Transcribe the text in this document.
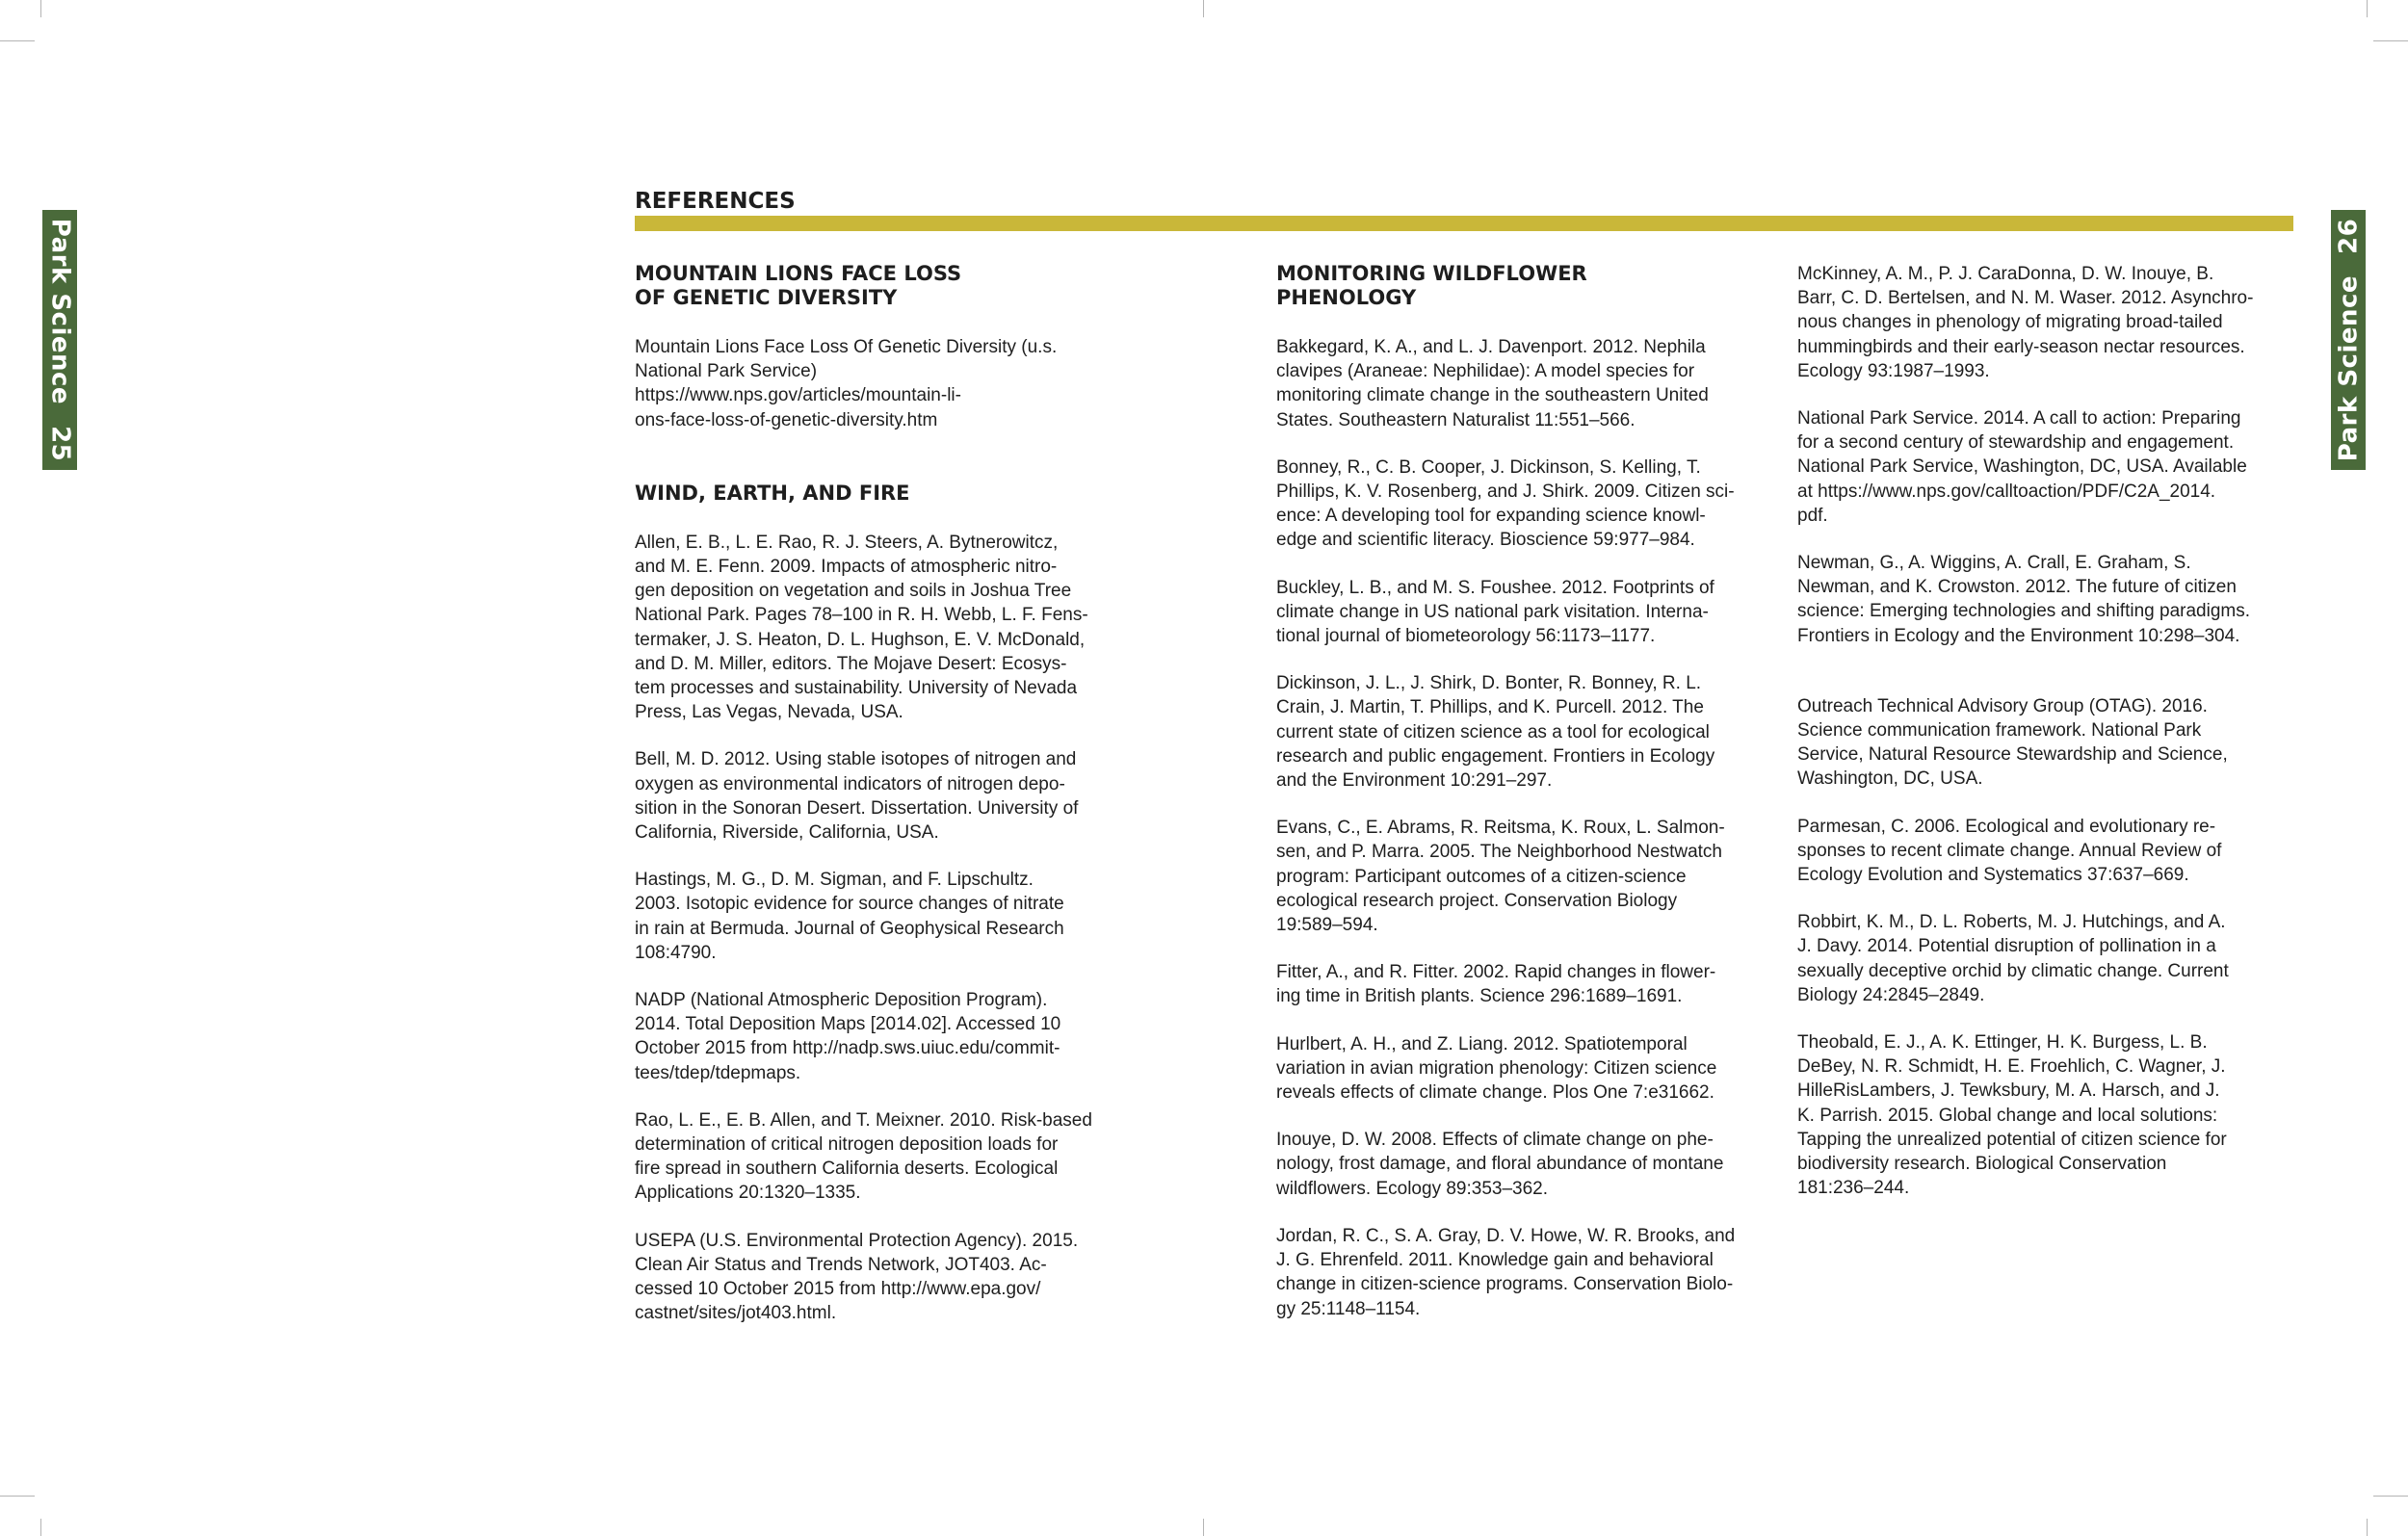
Park Science25	Park Science26
REFERENCES
MOUNTAIN LIONS FACE LOSS
OF GENETIC DIVERSITY

Mountain Lions Face Loss Of Genetic Diversity (u.s.
National Park Service)
https://www.nps.gov/articles/mountain-li-
ons-face-loss-of-genetic-diversity.htm

WIND, EARTH, AND FIRE

Allen, E. B., L. E. Rao, R. J. Steers, A. Bytnerowitcz,
and M. E. Fenn. 2009. Impacts of atmospheric nitro-
gen deposition on vegetation and soils in Joshua Tree
National Park. Pages 78–100 in R. H. Webb, L. F. Fens-
termaker, J. S. Heaton, D. L. Hughson, E. V. McDonald,
and D. M. Miller, editors. The Mojave Desert: Ecosys-
tem processes and sustainability. University of Nevada
Press, Las Vegas, Nevada, USA.

Bell, M. D. 2012. Using stable isotopes of nitrogen and
oxygen as environmental indicators of nitrogen depo-
sition in the Sonoran Desert. Dissertation. University of
California, Riverside, California, USA.

Hastings, M. G., D. M. Sigman, and F. Lipschultz.
2003. Isotopic evidence for source changes of nitrate
in rain at Bermuda. Journal of Geophysical Research
108:4790.

NADP (National Atmospheric Deposition Program).
2014. Total Deposition Maps [2014.02]. Accessed 10
October 2015 from http://nadp.sws.uiuc.edu/commit-
tees/tdep/tdepmaps.

Rao, L. E., E. B. Allen, and T. Meixner. 2010. Risk-based
determination of critical nitrogen deposition loads for
fire spread in southern California deserts. Ecological
Applications 20:1320–1335.

USEPA (U.S. Environmental Protection Agency). 2015.
Clean Air Status and Trends Network, JOT403. Ac-
cessed 10 October 2015 from http://www.epa.gov/
castnet/sites/jot403.html.

MONITORING WILDFLOWER
PHENOLOGY

Bakkegard, K. A., and L. J. Davenport. 2012. Nephila
clavipes (Araneae: Nephilidae): A model species for
monitoring climate change in the southeastern United
States. Southeastern Naturalist 11:551–566.

Bonney, R., C. B. Cooper, J. Dickinson, S. Kelling, T.
Phillips, K. V. Rosenberg, and J. Shirk. 2009. Citizen sci-
ence: A developing tool for expanding science knowl-
edge and scientific literacy. Bioscience 59:977–984.

Buckley, L. B., and M. S. Foushee. 2012. Footprints of
climate change in US national park visitation. Interna-
tional journal of biometeorology 56:1173–1177.

Dickinson, J. L., J. Shirk, D. Bonter, R. Bonney, R. L.
Crain, J. Martin, T. Phillips, and K. Purcell. 2012. The
current state of citizen science as a tool for ecological
research and public engagement. Frontiers in Ecology
and the Environment 10:291–297.

Evans, C., E. Abrams, R. Reitsma, K. Roux, L. Salmon-
sen, and P. Marra. 2005. The Neighborhood Nestwatch
program: Participant outcomes of a citizen-science
ecological research project. Conservation Biology
19:589–594.

Fitter, A., and R. Fitter. 2002. Rapid changes in flower-
ing time in British plants. Science 296:1689–1691.

Hurlbert, A. H., and Z. Liang. 2012. Spatiotemporal
variation in avian migration phenology: Citizen science
reveals effects of climate change. Plos One 7:e31662.

Inouye, D. W. 2008. Effects of climate change on phe-
nology, frost damage, and floral abundance of montane
wildflowers. Ecology 89:353–362.

Jordan, R. C., S. A. Gray, D. V. Howe, W. R. Brooks, and
J. G. Ehrenfeld. 2011. Knowledge gain and behavioral
change in citizen-science programs. Conservation Biolo-
gy 25:1148–1154.

McKinney, A. M., P. J. CaraDonna, D. W. Inouye, B.
Barr, C. D. Bertelsen, and N. M. Waser. 2012. Asynchro-
nous changes in phenology of migrating broad-tailed
hummingbirds and their early-season nectar resources.
Ecology 93:1987–1993.

National Park Service. 2014. A call to action: Preparing
for a second century of stewardship and engagement.
National Park Service, Washington, DC, USA. Available
at https://www.nps.gov/calltoaction/PDF/C2A_2014.
pdf.

Newman, G., A. Wiggins, A. Crall, E. Graham, S.
Newman, and K. Crowston. 2012. The future of citizen
science: Emerging technologies and shifting paradigms.
Frontiers in Ecology and the Environment 10:298–304.

Outreach Technical Advisory Group (OTAG). 2016.
Science communication framework. National Park
Service, Natural Resource Stewardship and Science,
Washington, DC, USA.

Parmesan, C. 2006. Ecological and evolutionary re-
sponses to recent climate change. Annual Review of
Ecology Evolution and Systematics 37:637–669.

Robbirt, K. M., D. L. Roberts, M. J. Hutchings, and A.
J. Davy. 2014. Potential disruption of pollination in a
sexually deceptive orchid by climatic change. Current
Biology 24:2845–2849.

Theobald, E. J., A. K. Ettinger, H. K. Burgess, L. B.
DeBey, N. R. Schmidt, H. E. Froehlich, C. Wagner, J.
HilleRisLambers, J. Tewksbury, M. A. Harsch, and J.
K. Parrish. 2015. Global change and local solutions:
Tapping the unrealized potential of citizen science for
biodiversity research. Biological Conservation
181:236–244.
